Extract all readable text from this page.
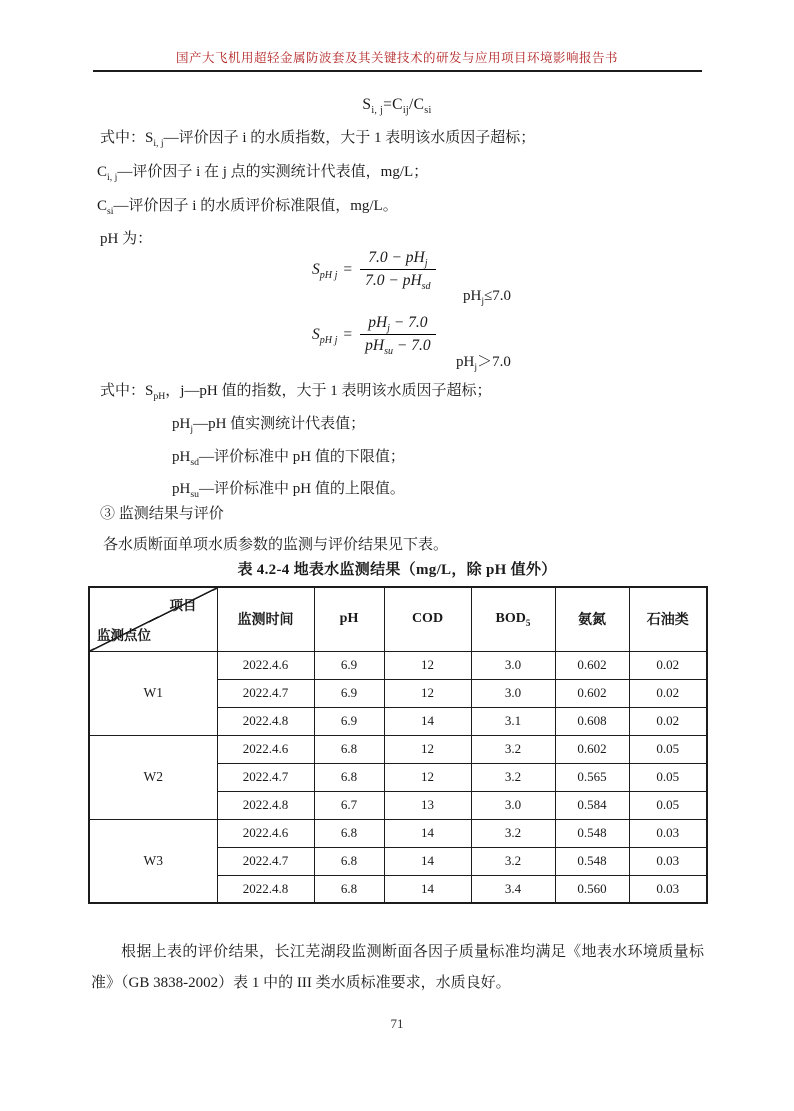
国产大飞机用超轻金属防波套及其关键技术的研发与应用项目环境影响报告书
$S_{i, j}=C_{ij}/C_{si}$
式中：$S_{i, j}—$评价因子 i 的水质指数，大于 1 表明该水质因子超标；
$C_{i, j}—$评价因子 i 在 j 点的实测统计代表值，mg/L；
$C_{si}—$评价因子 i 的水质评价标准限值，mg/L。
pH 为：
$S_{pH j} = \frac{7.0 - pH_j}{7.0 - pH_{sd}}$
$pH_j\le 7.0$
$S_{pH j} = \frac{pH_j - 7.0}{pH_{su} - 7.0}$
$pH_j>7.0$
式中：$S_{pH}$，j—pH 值的指数，大于 1 表明该水质因子超标；
$pH_j—pH$ 值实测统计代表值；
$pH_{sd}—$评价标准中 pH 值的下限值；
$pH_{su}—$评价标准中 pH 值的上限值。
③ 监测结果与评价
各水质断面单项水质参数的监测与评价结果见下表。
表 4.2-4 地表水监测结果（mg/L，除 pH 值外）
项目
监测点位	监测时间	pH	COD	$BOD_5$	氨氮	石油类
W1	2022.4.6	6.9	12	3.0	0.602	0.02
	2022.4.7	6.9	12	3.0	0.602	0.02
	2022.4.8	6.9	14	3.1	0.608	0.02
W2	2022.4.6	6.8	12	3.2	0.602	0.05
	2022.4.7	6.8	12	3.2	0.565	0.05
	2022.4.8	6.7	13	3.0	0.584	0.05
W3	2022.4.6	6.8	14	3.2	0.548	0.03
	2022.4.7	6.8	14	3.2	0.548	0.03
	2022.4.8	6.8	14	3.4	0.560	0.03

根据上表的评价结果，长江芜湖段监测断面各因子质量标准均满足《地表水环境质量标准》（GB 3838-2002）表 1 中的 III 类水质标准要求，水质良好。

71
